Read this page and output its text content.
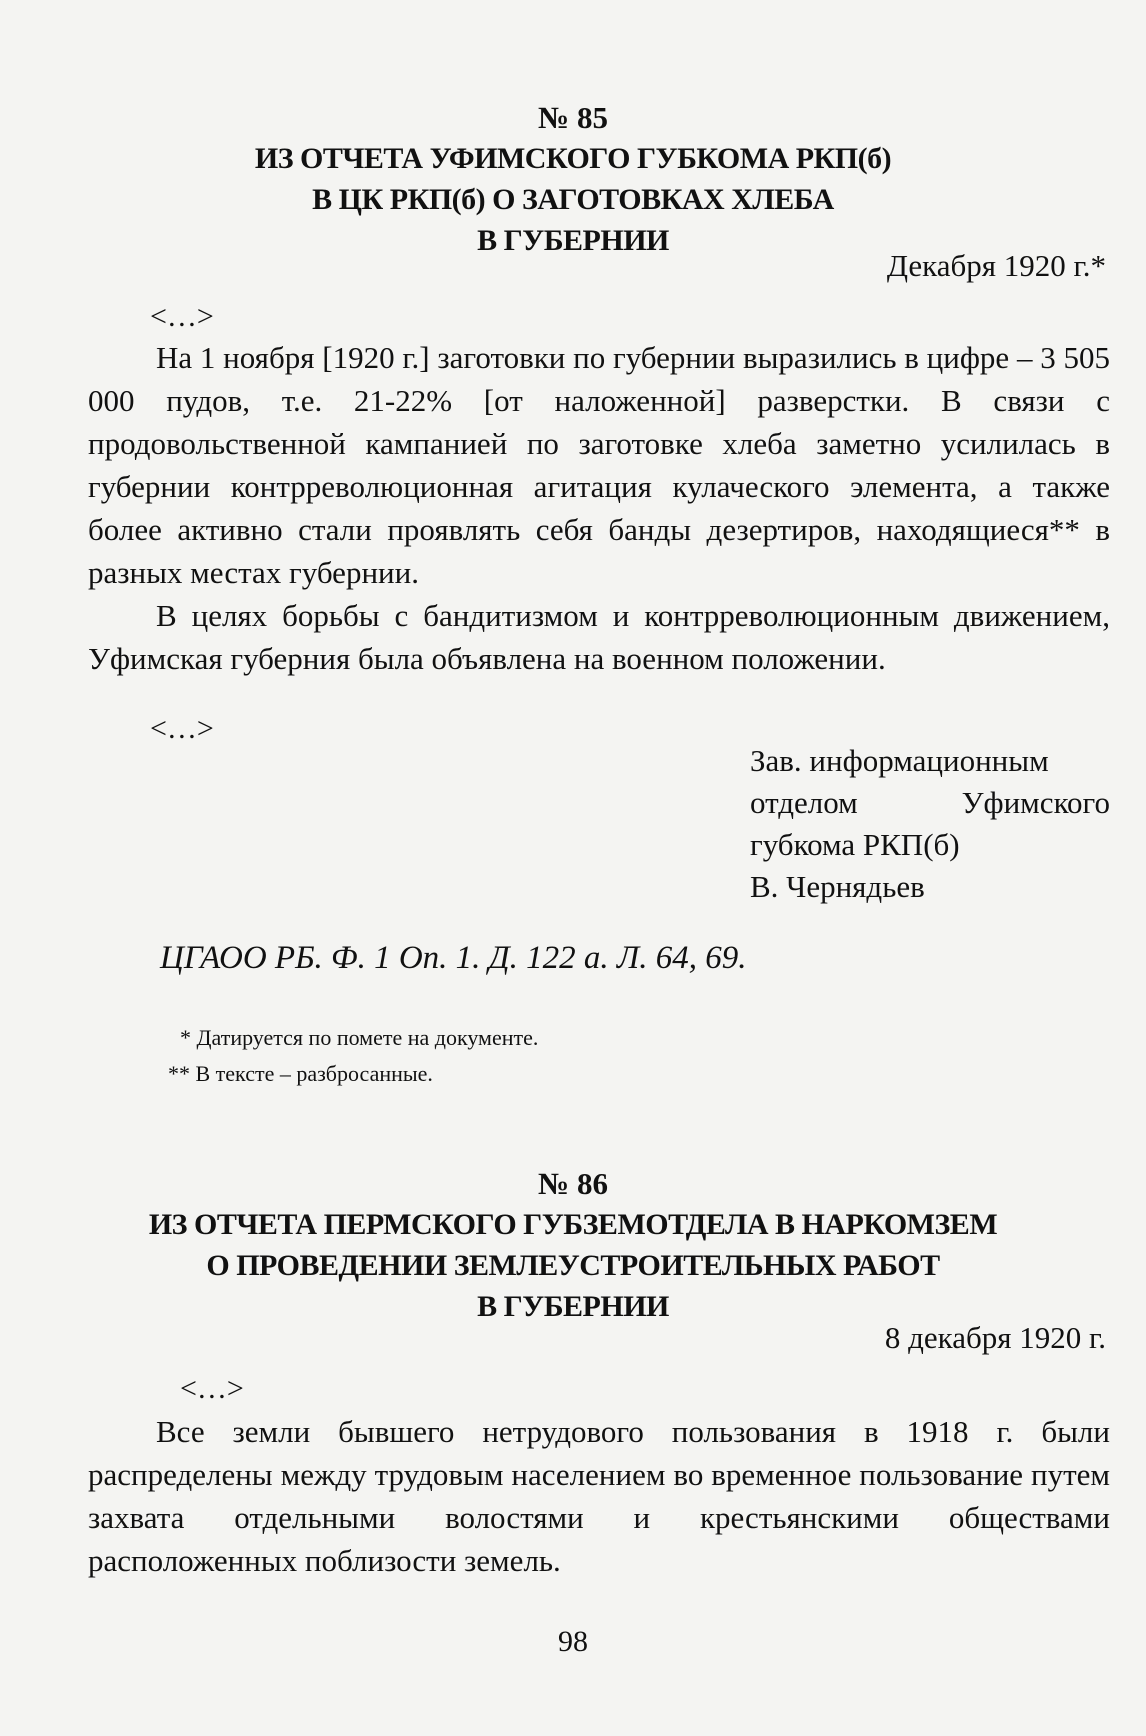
№ 85
ИЗ ОТЧЕТА УФИМСКОГО ГУБКОМА РКП(б)
В ЦК РКП(б) О ЗАГОТОВКАХ ХЛЕБА
В ГУБЕРНИИ
Декабря 1920 г.*
<…>
На 1 ноября [1920 г.] заготовки по губернии выразились в цифре – 3 505 000 пудов, т.е. 21-22% [от наложенной] разверстки. В связи с продовольственной кампанией по заготовке хлеба заметно усилилась в губернии контрреволюционная агитация кулаческого элемента, а также более активно стали проявлять себя банды дезертиров, находящиеся** в разных местах губернии.
В целях борьбы с бандитизмом и контрреволюционным движением, Уфимская губерния была объявлена на военном положении.
<…>
Зав. информационным
отделом	Уфимского
губкома РКП(б)
В. Чернядьев
ЦГАОО РБ. Ф. 1 Оп. 1. Д. 122 а. Л. 64, 69.
* Датируется по помете на документе.
** В тексте – разбросанные.
№ 86
ИЗ ОТЧЕТА ПЕРМСКОГО ГУБЗЕМОТДЕЛА В НАРКОМЗЕМ
О ПРОВЕДЕНИИ ЗЕМЛЕУСТРОИТЕЛЬНЫХ РАБОТ
В ГУБЕРНИИ
8 декабря 1920 г.
<…>
Все земли бывшего нетрудового пользования в 1918 г. были распределены между трудовым населением во временное пользование путем захвата отдельными волостями и крестьянскими обществами расположенных поблизости земель.
98
